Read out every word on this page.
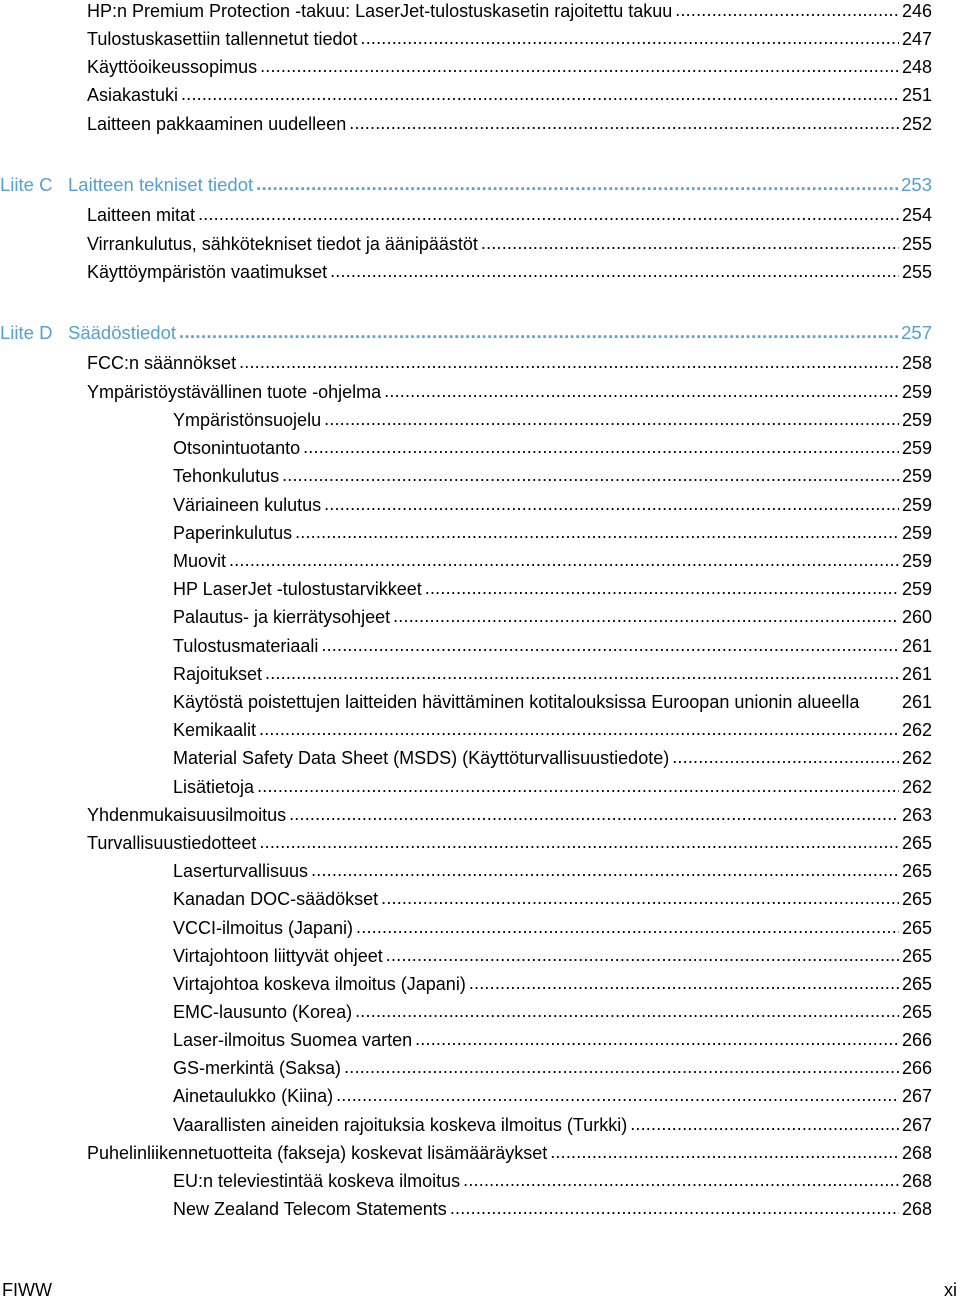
HP:n Premium Protection -takuu: LaserJet-tulostuskasetin rajoitettu takuu .....	246
Tulostuskasettiin tallennetut tiedot .....	247
Käyttöoikeussopimus .....	248
Asiakastuki .....	251
Laitteen pakkaaminen uudelleen .....	252
Liite C Laitteen tekniset tiedot .....	253
Laitteen mitat .....	254
Virrankulutus, sähkötekniset tiedot ja äänipäästöt .....	255
Käyttöympäristön vaatimukset .....	255
Liite D Säädöstiedot .....	257
FCC:n säännökset .....	258
Ympäristöystävällinen tuote -ohjelma .....	259
Ympäristönsuojelu .....	259
Otsonintuotanto .....	259
Tehonkulutus .....	259
Väriaineen kulutus .....	259
Paperinkulutus .....	259
Muovit .....	259
HP LaserJet -tulostustarvikkeet .....	259
Palautus- ja kierrätysohjeet .....	260
Tulostusmateriaali .....	261
Rajoitukset .....	261
Käytöstä poistettujen laitteiden hävittäminen kotitalouksissa Euroopan unionin alueella 261
Kemikaalit .....	262
Material Safety Data Sheet (MSDS) (Käyttöturvallisuustiedote) .....	262
Lisätietoja .....	262
Yhdenmukaisuusilmoitus .....	263
Turvallisuustiedotteet .....	265
Laserturvallisuus .....	265
Kanadan DOC-säädökset .....	265
VCCI-ilmoitus (Japani) .....	265
Virtajohtoon liittyvät ohjeet .....	265
Virtajohtoa koskeva ilmoitus (Japani) .....	265
EMC-lausunto (Korea) .....	265
Laser-ilmoitus Suomea varten .....	266
GS-merkintä (Saksa) .....	266
Ainetaulukko (Kiina) .....	267
Vaarallisten aineiden rajoituksia koskeva ilmoitus (Turkki) .....	267
Puhelinliikennetuotteita (fakseja) koskevat lisämääräykset .....	268
EU:n televiestintää koskeva ilmoitus .....	268
New Zealand Telecom Statements .....	268
FIWW	xi
